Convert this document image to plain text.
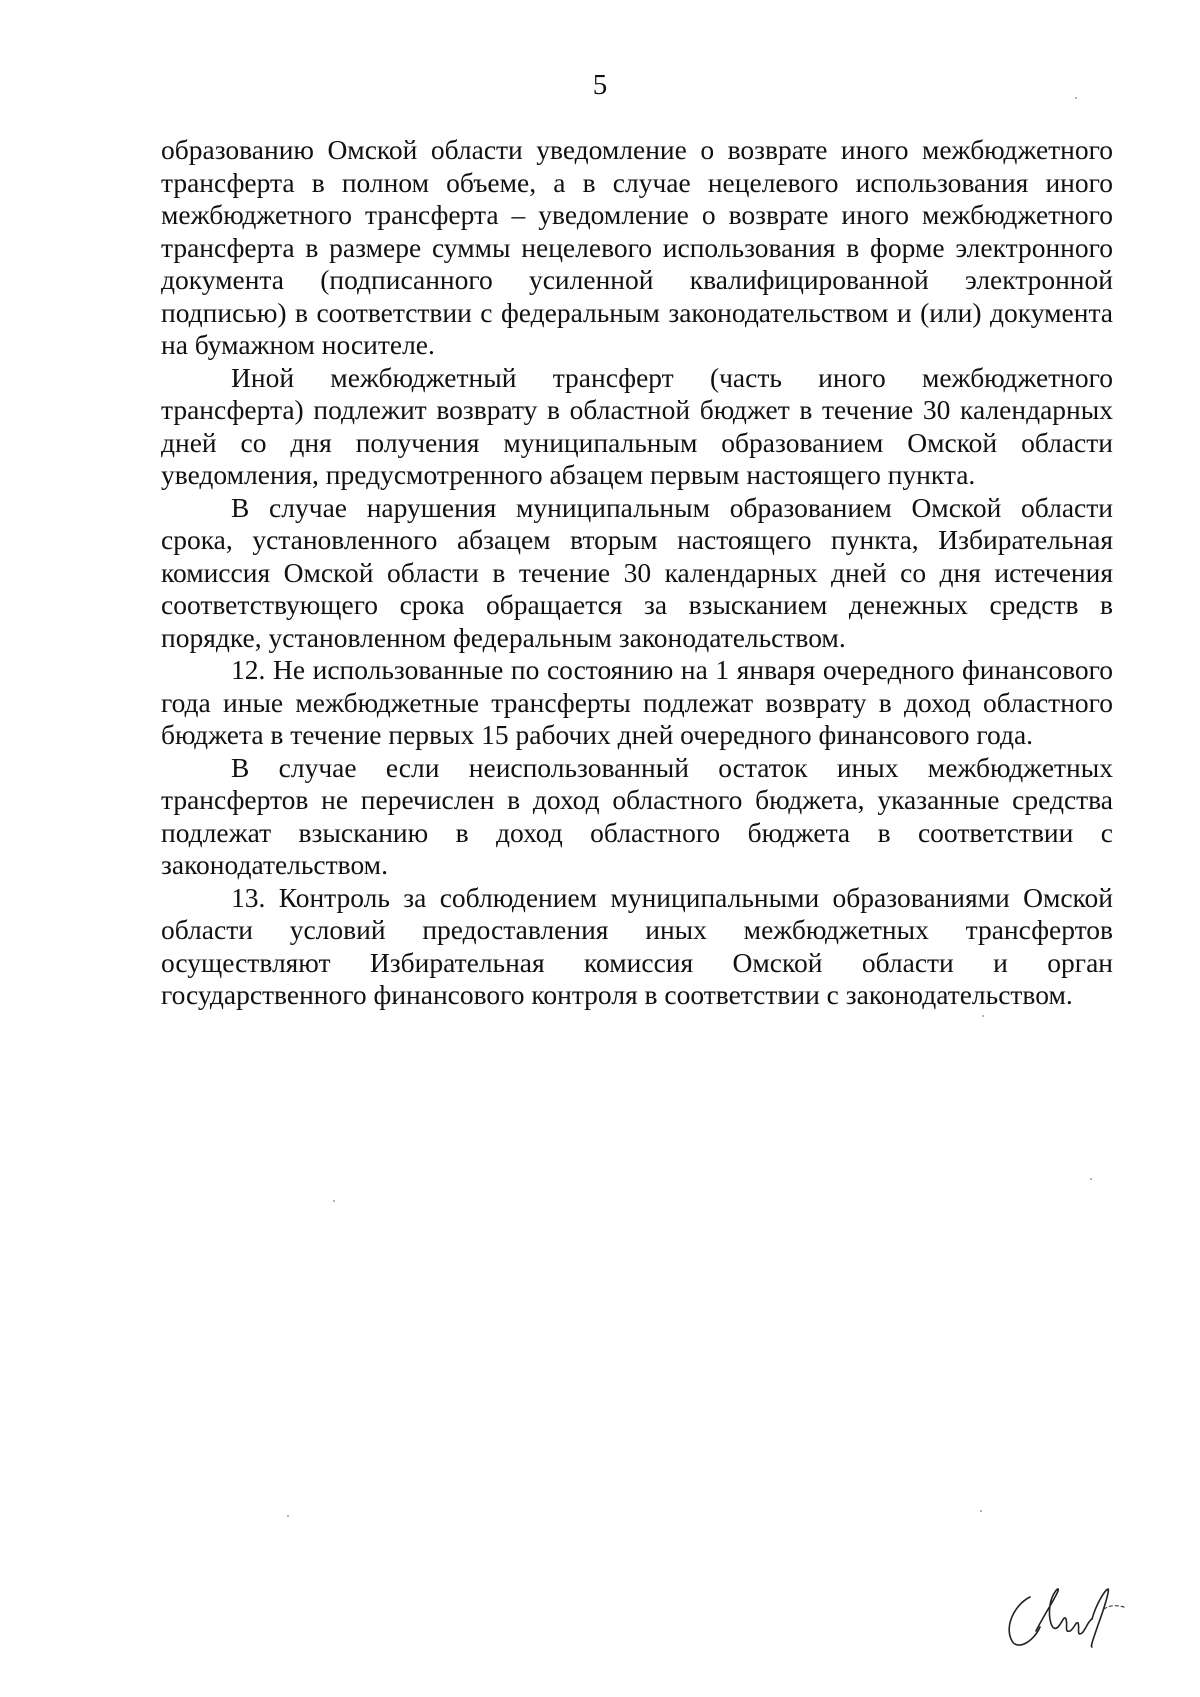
5

образованию Омской области уведомление о возврате иного межбюджетного трансферта в полном объеме, а в случае нецелевого использования иного межбюджетного трансферта – уведомление о возврате иного межбюджетного трансферта в размере суммы нецелевого использования в форме электронного документа (подписанного усиленной квалифицированной электронной подписью) в соответствии с федеральным законодательством и (или) документа на бумажном носителе.

Иной межбюджетный трансферт (часть иного межбюджетного трансферта) подлежит возврату в областной бюджет в течение 30 календарных дней со дня получения муниципальным образованием Омской области уведомления, предусмотренного абзацем первым настоящего пункта.

В случае нарушения муниципальным образованием Омской области срока, установленного абзацем вторым настоящего пункта, Избирательная комиссия Омской области в течение 30 календарных дней со дня истечения соответствующего срока обращается за взысканием денежных средств в порядке, установленном федеральным законодательством.

12. Не использованные по состоянию на 1 января очередного финансового года иные межбюджетные трансферты подлежат возврату в доход областного бюджета в течение первых 15 рабочих дней очередного финансового года.

В случае если неиспользованный остаток иных межбюджетных трансфертов не перечислен в доход областного бюджета, указанные средства подлежат взысканию в доход областного бюджета в соответствии с законодательством.

13. Контроль за соблюдением муниципальными образованиями Омской области условий предоставления иных межбюджетных трансфертов осуществляют Избирательная комиссия Омской области и орган государственного финансового контроля в соответствии с законодательством.
